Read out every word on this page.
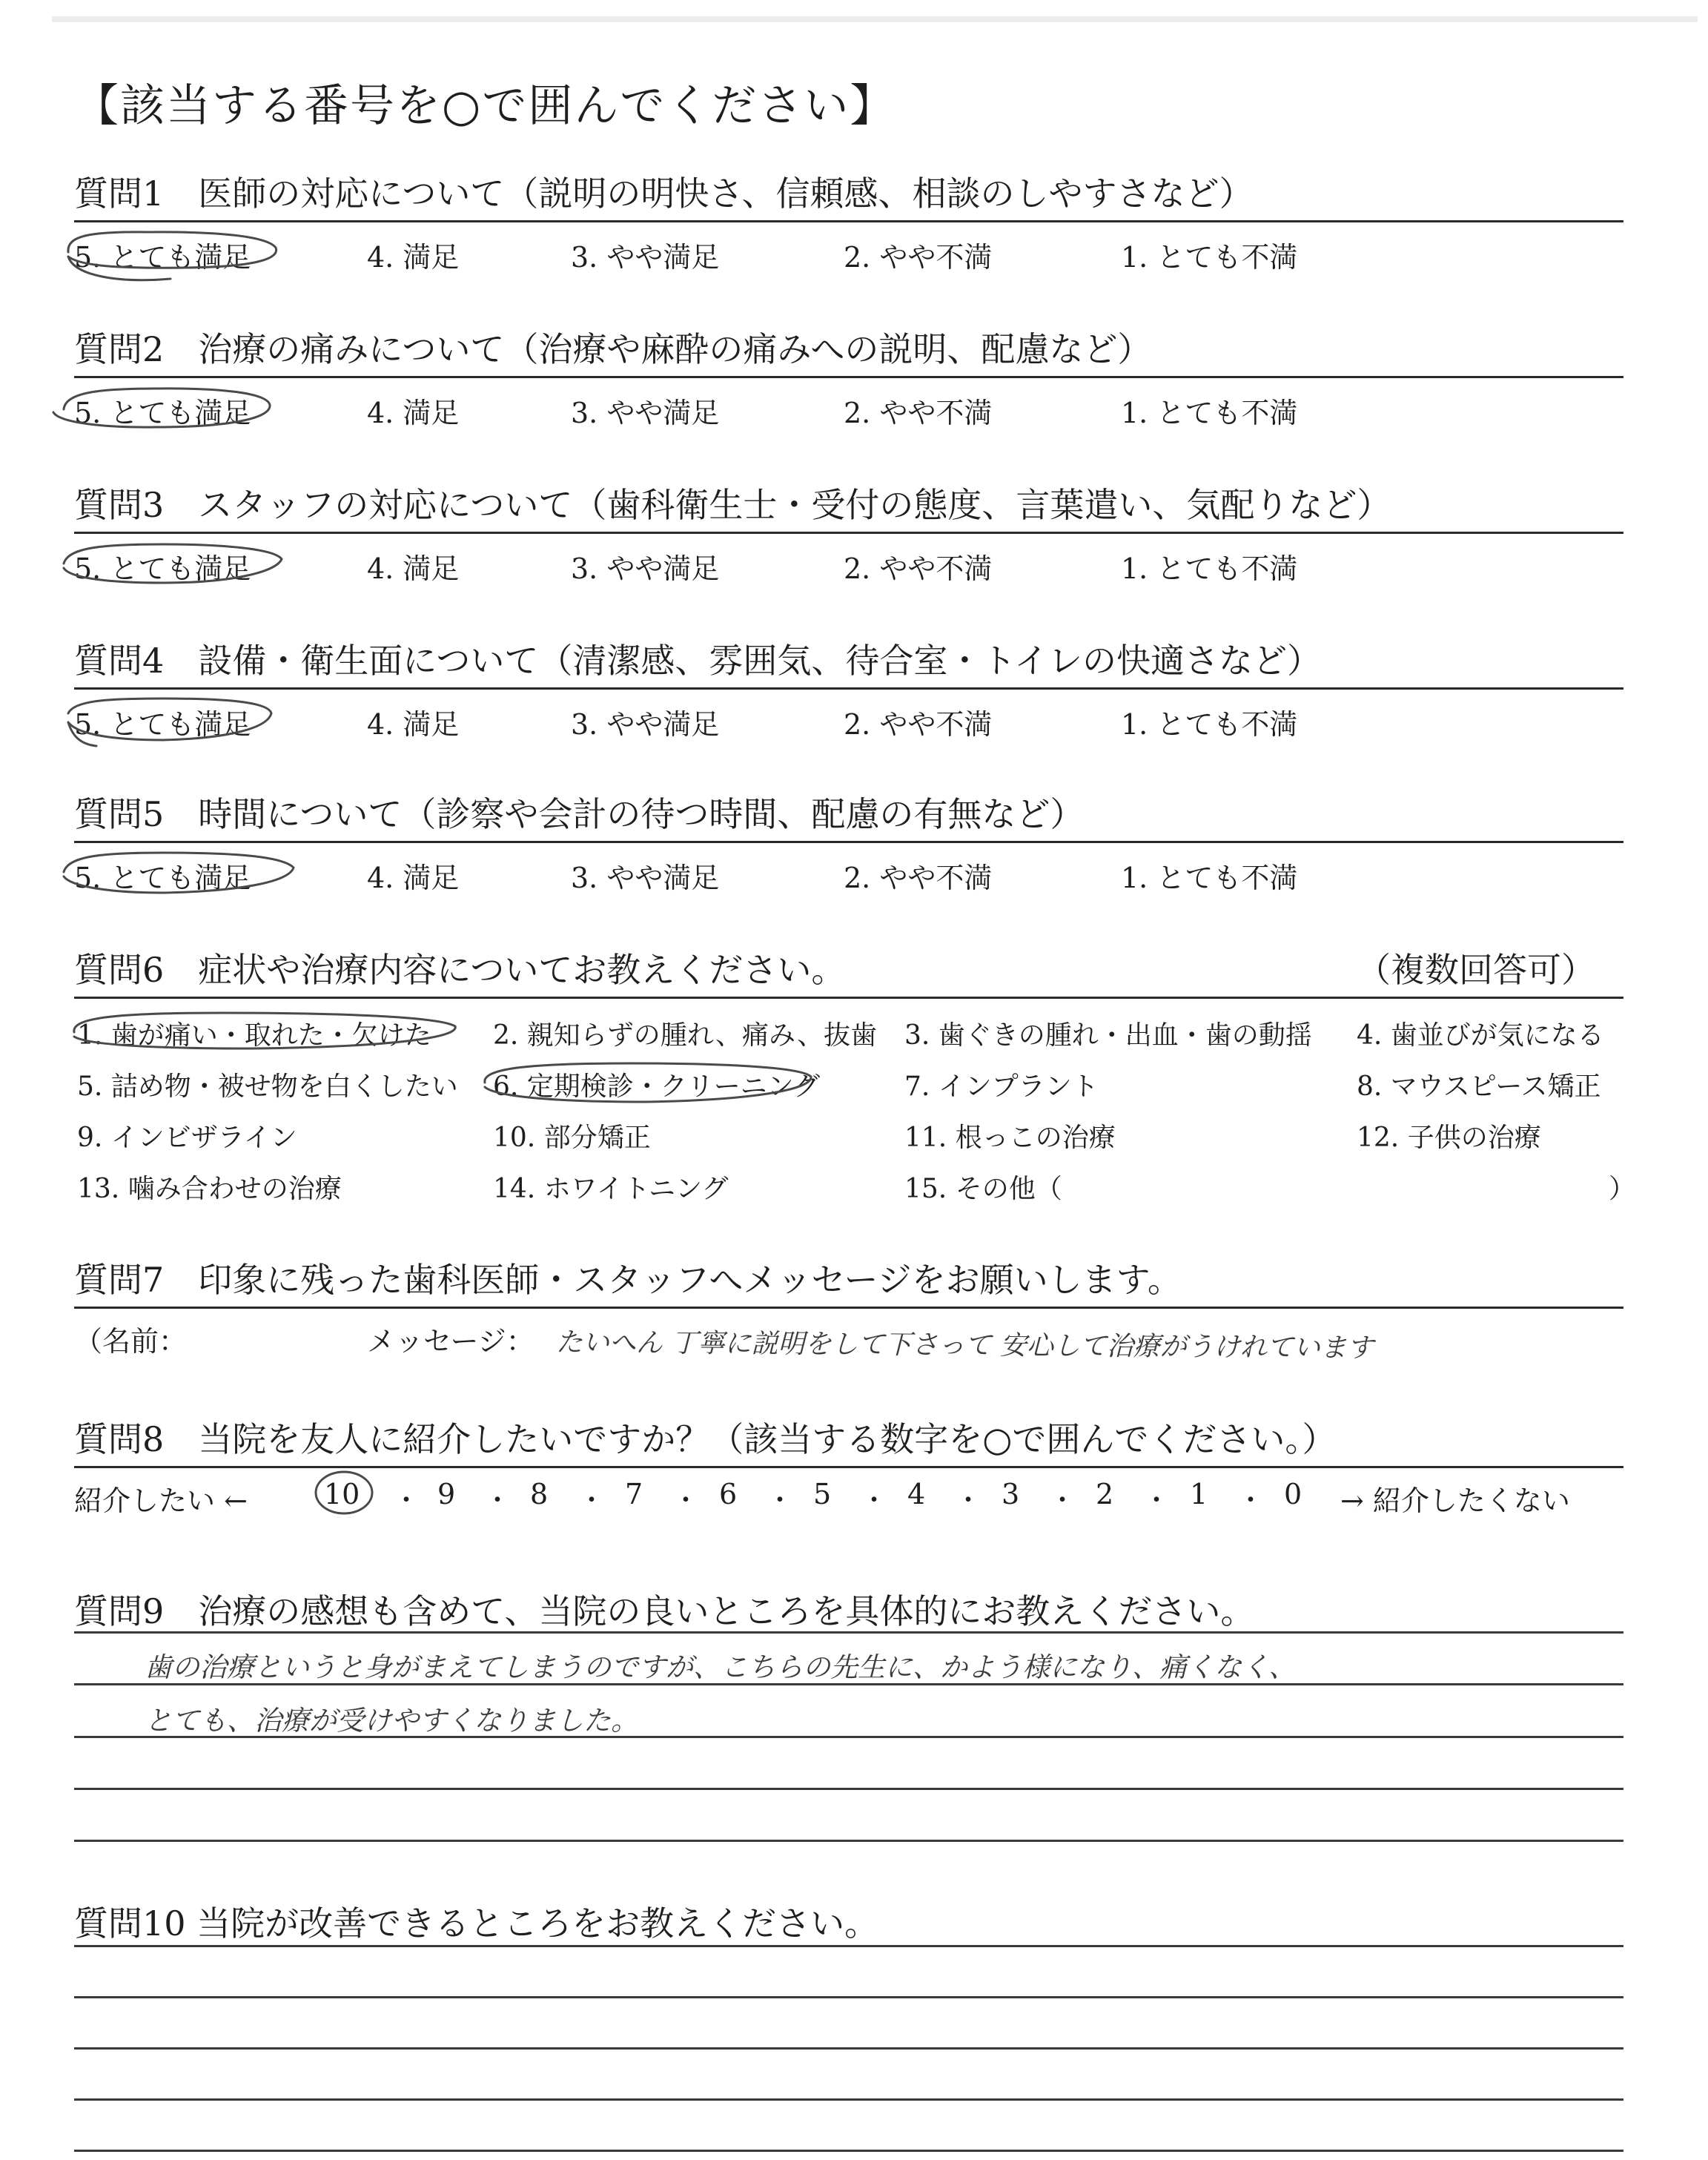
【該当する番号を○で囲んでください】
質問1　医師の対応について（説明の明快さ、信頼感、相談のしやすさなど）
5. とても満足	4. 満足	3. やや満足	2. やや不満	1. とても不満
質問2　治療の痛みについて（治療や麻酔の痛みへの説明、配慮など）
5. とても満足	4. 満足	3. やや満足	2. やや不満	1. とても不満
質問3　スタッフの対応について（歯科衛生士・受付の態度、言葉遣い、気配りなど）
5. とても満足	4. 満足	3. やや満足	2. やや不満	1. とても不満
質問4　設備・衛生面について（清潔感、雰囲気、待合室・トイレの快適さなど）
5. とても満足	4. 満足	3. やや満足	2. やや不満	1. とても不満
質問5　時間について（診察や会計の待つ時間、配慮の有無など）
5. とても満足	4. 満足	3. やや満足	2. やや不満	1. とても不満
質問6　症状や治療内容についてお教えください。	（複数回答可）
1. 歯が痛い・取れた・欠けた 2. 親知らずの腫れ、痛み、抜歯 3. 歯ぐきの腫れ・出血・歯の動揺 4. 歯並びが気になる
5. 詰め物・被せ物を白くしたい 6. 定期検診・クリーニング	7. インプラント	8. マウスピース矯正
9. インビザライン	10. 部分矯正	11. 根っこの治療	12. 子供の治療
13. 噛み合わせの治療	14. ホワイトニング	15. その他（	）
質問7　印象に残った歯科医師・スタッフへメッセージをお願いします。
（名前：	メッセージ： たいへん 丁寧に説明をして下さって 安心して治療がうけれています
質問8　当院を友人に紹介したいですか？（該当する数字を○で囲んでください。）
紹介したい ←	10 ・ 9 ・ 8 ・ 7 ・ 6 ・ 5 ・ 4 ・ 3 ・ 2 ・ 1 ・ 0 → 紹介したくない
質問9　治療の感想も含めて、当院の良いところを具体的にお教えください。
歯の治療というと身がまえてしまうのですが、こちらの先生に、かよう様になり、痛くなく、
とても、治療が受けやすくなりました。
質問10 当院が改善できるところをお教えください。
